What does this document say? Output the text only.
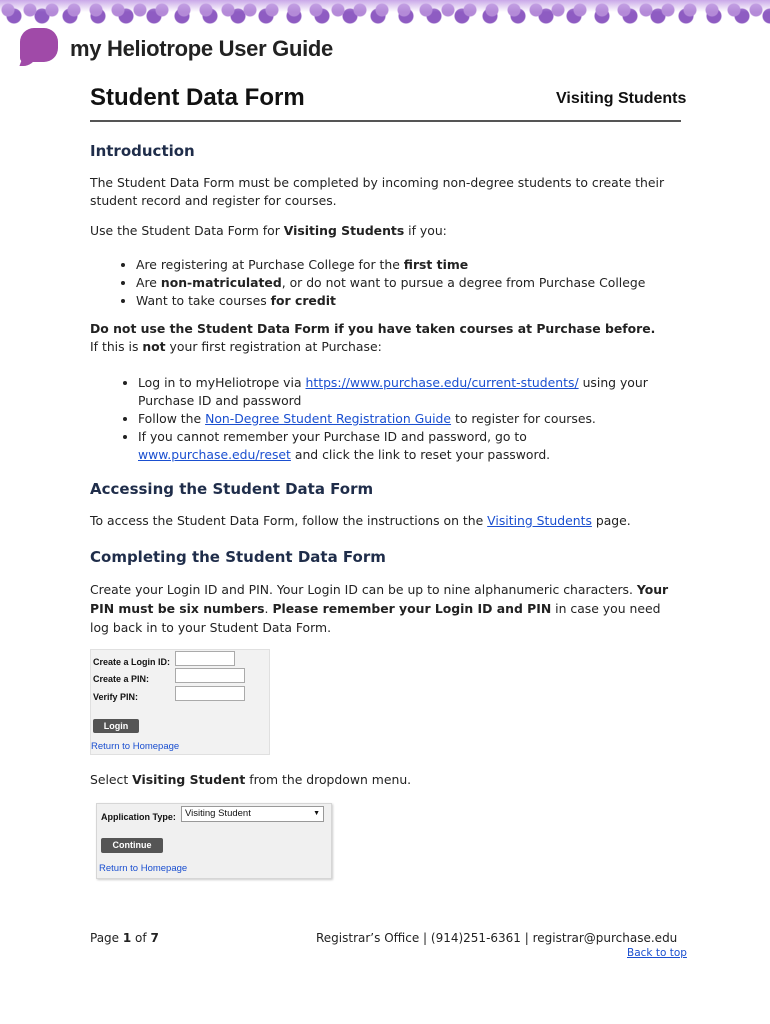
my Heliotrope User Guide
Student Data Form	Visiting Students
Introduction

The Student Data Form must be completed by incoming non-degree students to create their student record and register for courses.

Use the Student Data Form for Visiting Students if you:

• Are registering at Purchase College for the first time
• Are non-matriculated, or do not want to pursue a degree from Purchase College
• Want to take courses for credit

Do not use the Student Data Form if you have taken courses at Purchase before.

If this is not your first registration at Purchase:

• Log in to myHeliotrope via https://www.purchase.edu/current-students/ using your Purchase ID and password
• Follow the Non-Degree Student Registration Guide to register for courses.
• If you cannot remember your Purchase ID and password, go to www.purchase.edu/reset and click the link to reset your password.
Accessing the Student Data Form

To access the Student Data Form, follow the instructions on the Visiting Students page.

Completing the Student Data Form

Create your Login ID and PIN. Your Login ID can be up to nine alphanumeric characters. Your PIN must be six numbers. Please remember your Login ID and PIN in case you need log back in to your Student Data Form.

Create a Login ID:
Create a PIN:
Verify PIN:
Login
Return to Homepage

Select Visiting Student from the dropdown menu.

Application Type: Visiting Student	▼
Continue
Return to Homepage
Page 1 of 7	Registrar’s Office | (914)251-6361 | registrar@purchase.edu
Back to top
